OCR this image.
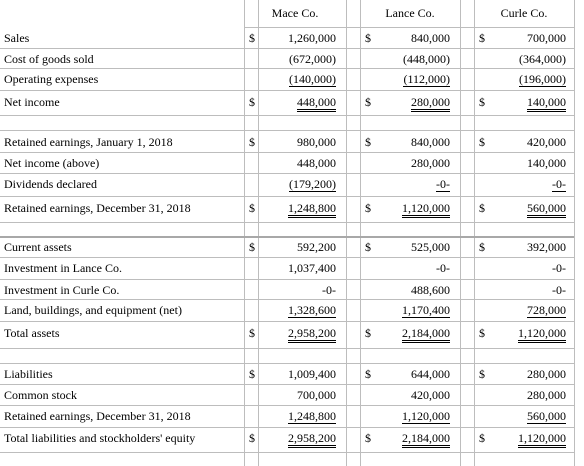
Mace Co.	Lance Co.	Curle Co.
Sales	$	1,260,000 $	840,000 $	700,000
Cost of goods sold	(672,000)	(448,000)	(364,000)
Operating expenses	(140,000)	(112,000)	(196,000)
Net income	$	448,000 $	280,000 $	140,000
Retained earnings, January 1, 2018	$	980,000 $	840,000 $	420,000
Net income (above)	448,000	280,000	140,000
Dividends declared	(179,200)	-0-	-0-
Retained earnings, December 31, 2018	$	1,248,800 $	1,120,000 $	560,000
Current assets	$	592,200 $	525,000 $	392,000
Investment in Lance Co.	1,037,400	-0-	-0-
Investment in Curle Co.	-0-	488,600	-0-
Land, buildings, and equipment (net)	1,328,600	1,170,400	728,000
Total assets	$	2,958,200 $	2,184,000 $	1,120,000
Liabilities	$	1,009,400 $	644,000 $	280,000
Common stock	700,000	420,000	280,000
Retained earnings, December 31, 2018	1,248,800	1,120,000	560,000
Total liabilities and stockholders' equity	$	2,958,200 $	2,184,000 $	1,120,000
